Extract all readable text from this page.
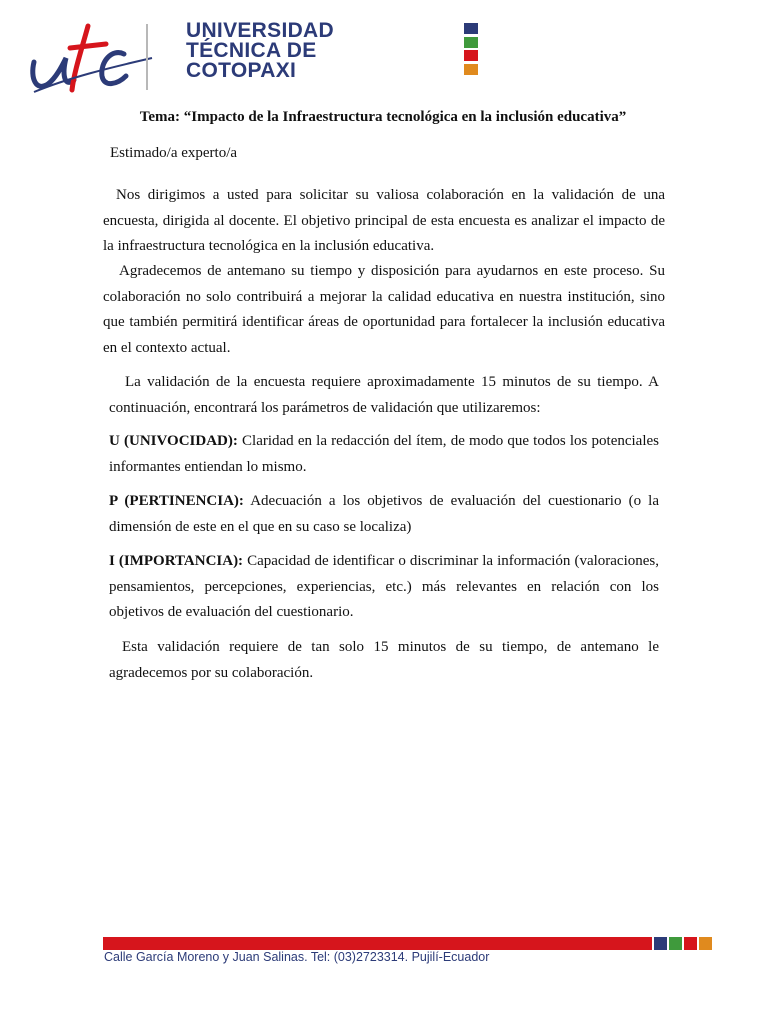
UNIVERSIDAD
TÉCNICA DE
COTOPAXI
Tema: “Impacto de la Infraestructura tecnológica en la inclusión educativa”
Estimado/a experto/a
Nos dirigimos a usted para solicitar su valiosa colaboración en la validación de una encuesta, dirigida al docente. El objetivo principal de esta encuesta es analizar el impacto de la infraestructura tecnológica en la inclusión educativa.
Agradecemos de antemano su tiempo y disposición para ayudarnos en este proceso. Su colaboración no solo contribuirá a mejorar la calidad educativa en nuestra institución, sino que también permitirá identificar áreas de oportunidad para fortalecer la inclusión educativa en el contexto actual.
La validación de la encuesta requiere aproximadamente 15 minutos de su tiempo. A continuación, encontrará los parámetros de validación que utilizaremos:
U (UNIVOCIDAD): Claridad en la redacción del ítem, de modo que todos los potenciales informantes entiendan lo mismo.
P (PERTINENCIA): Adecuación a los objetivos de evaluación del cuestionario (o la dimensión de este en el que en su caso se localiza)
I (IMPORTANCIA): Capacidad de identificar o discriminar la información (valoraciones, pensamientos, percepciones, experiencias, etc.) más relevantes en relación con los objetivos de evaluación del cuestionario.
Esta validación requiere de tan solo 15 minutos de su tiempo, de antemano le agradecemos por su colaboración.
Calle García Moreno y Juan Salinas. Tel: (03)2723314. Pujilí-Ecuador
